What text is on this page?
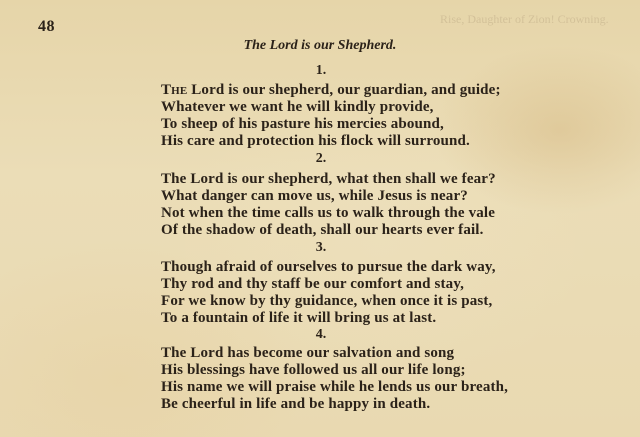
Rise, Daughter of Zion! Crowning.
48
The Lord is our Shepherd.
1.
The Lord is our shepherd, our guardian, and guide;
Whatever we want he will kindly provide,
To sheep of his pasture his mercies abound,
His care and protection his flock will surround.
2.
The Lord is our shepherd, what then shall we fear?
What danger can move us, while Jesus is near?
Not when the time calls us to walk through the vale
Of the shadow of death, shall our hearts ever fail.
3.
Though afraid of ourselves to pursue the dark way,
Thy rod and thy staff be our comfort and stay,
For we know by thy guidance, when once it is past,
To a fountain of life it will bring us at last.
4.
The Lord has become our salvation and song
His blessings have followed us all our life long;
His name we will praise while he lends us our breath,
Be cheerful in life and be happy in death.
